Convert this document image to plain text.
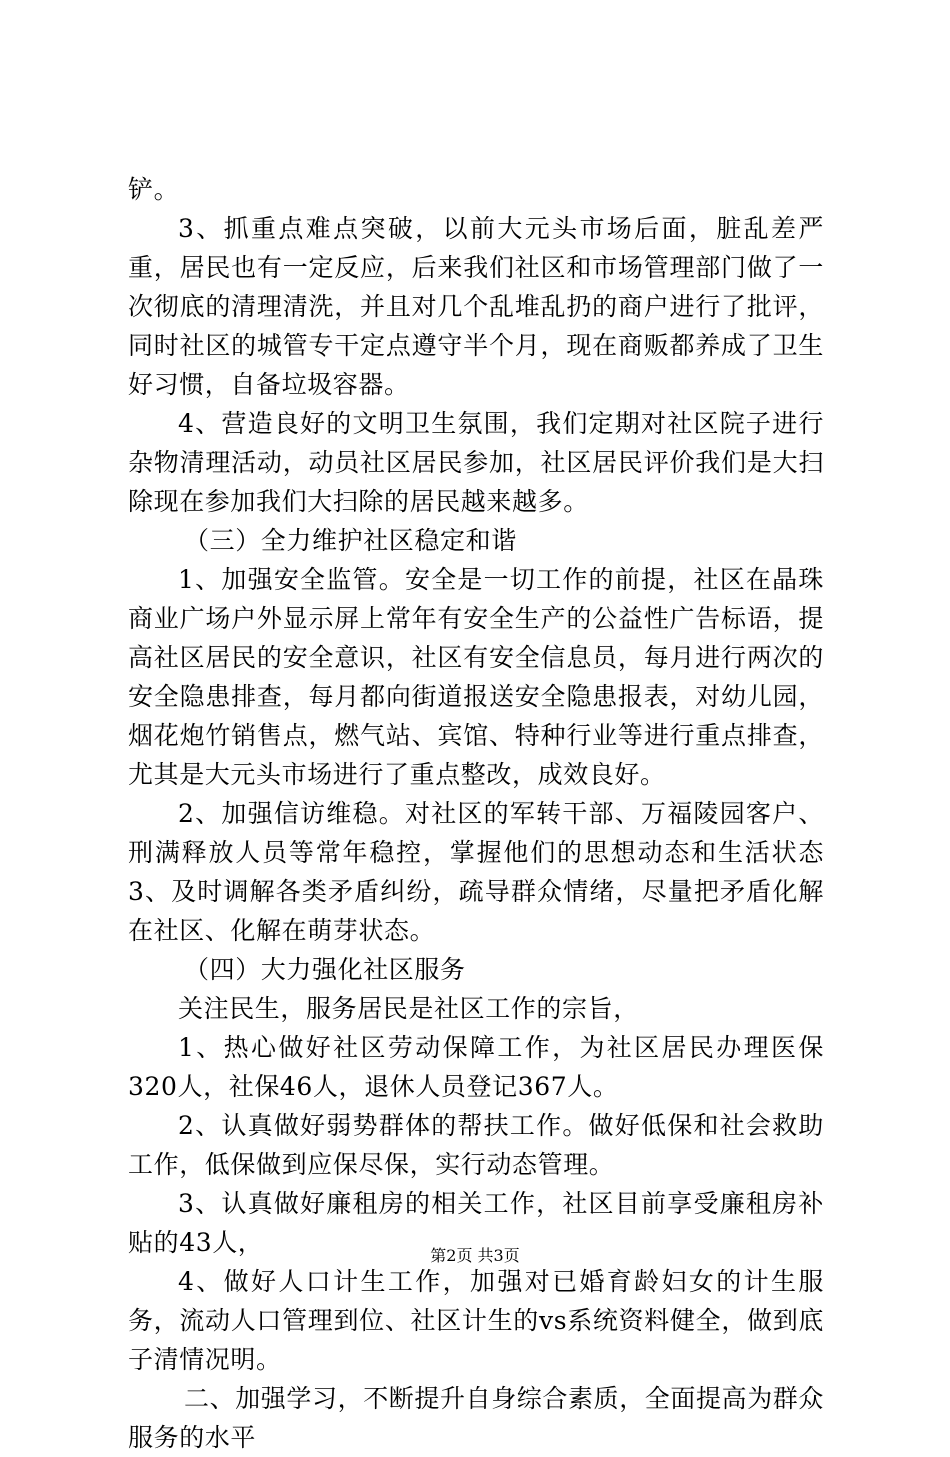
铲。

3、抓重点难点突破，以前大元头市场后面，脏乱差严重，居民也有一定反应，后来我们社区和市场管理部门做了一次彻底的清理清洗，并且对几个乱堆乱扔的商户进行了批评，同时社区的城管专干定点遵守半个月，现在商贩都养成了卫生好习惯，自备垃圾容器。

4、营造良好的文明卫生氛围，我们定期对社区院子进行杂物清理活动，动员社区居民参加，社区居民评价我们是大扫除现在参加我们大扫除的居民越来越多。

（三）全力维护社区稳定和谐

1、加强安全监管。安全是一切工作的前提，社区在晶珠商业广场户外显示屏上常年有安全生产的公益性广告标语，提高社区居民的安全意识，社区有安全信息员，每月进行两次的安全隐患排查，每月都向街道报送安全隐患报表，对幼儿园，烟花炮竹销售点，燃气站、宾馆、特种行业等进行重点排查，尤其是大元头市场进行了重点整改，成效良好。

2、加强信访维稳。对社区的军转干部、万福陵园客户、刑满释放人员等常年稳控，掌握他们的思想动态和生活状态3、及时调解各类矛盾纠纷，疏导群众情绪，尽量把矛盾化解在社区、化解在萌芽状态。

（四）大力强化社区服务

关注民生，服务居民是社区工作的宗旨，

1、热心做好社区劳动保障工作，为社区居民办理医保320人，社保46人，退休人员登记367人。

2、认真做好弱势群体的帮扶工作。做好低保和社会救助工作，低保做到应保尽保，实行动态管理。

3、认真做好廉租房的相关工作，社区目前享受廉租房补贴的43人，

4、做好人口计生工作，加强对已婚育龄妇女的计生服务，流动人口管理到位、社区计生的vs系统资料健全，做到底子清情况明。

二、加强学习，不断提升自身综合素质，全面提高为群众服务的水平

第2页 共3页
